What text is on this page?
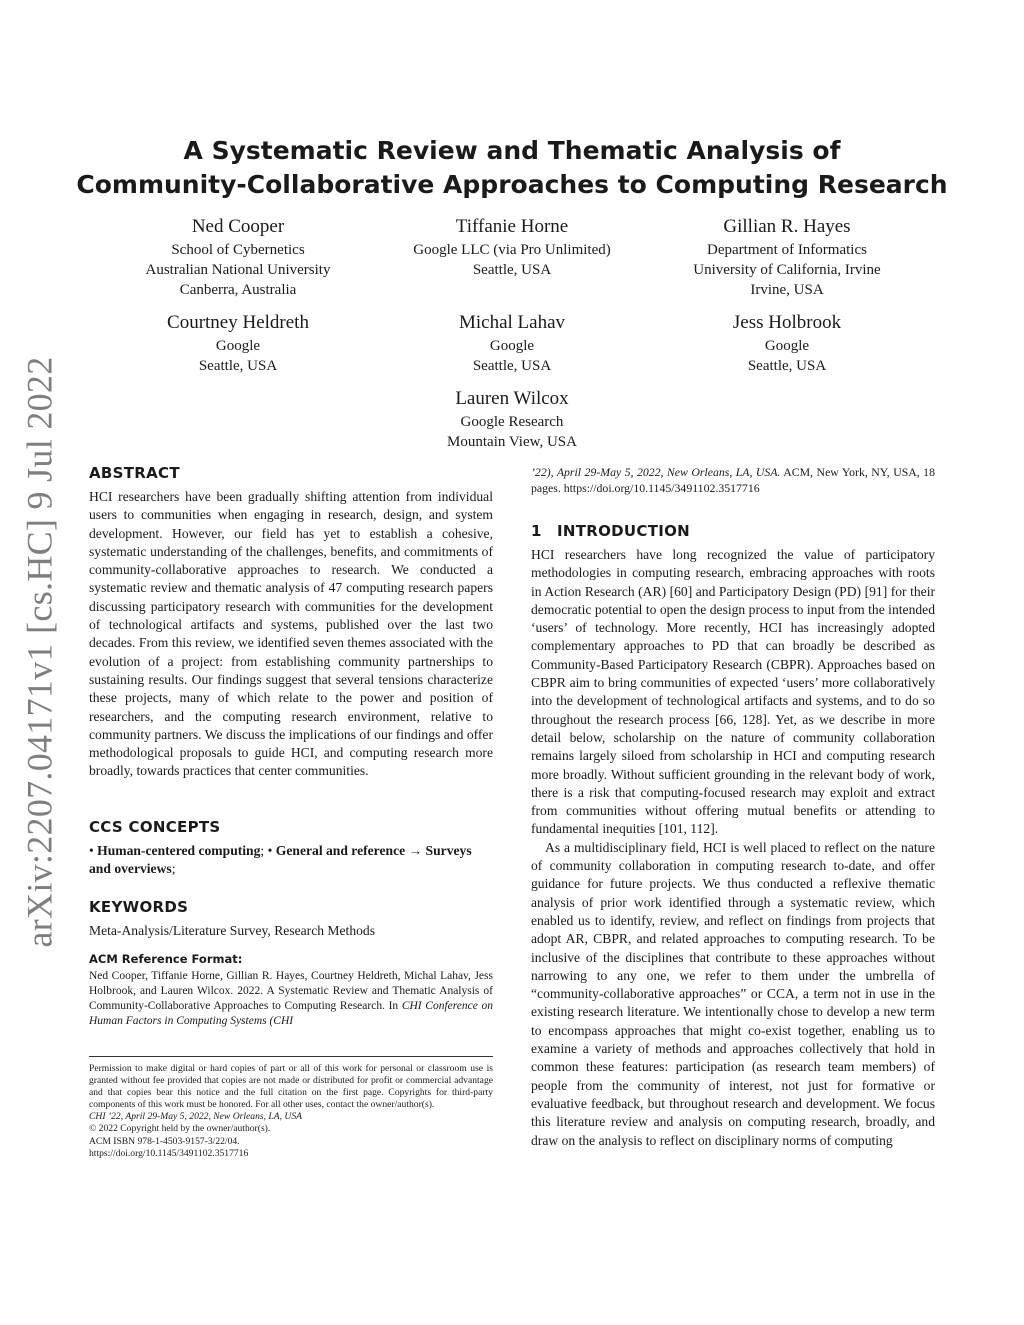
arXiv:2207.04171v1 [cs.HC] 9 Jul 2022
A Systematic Review and Thematic Analysis of
Community-Collaborative Approaches to Computing Research
Ned Cooper
School of Cybernetics
Australian National University
Canberra, Australia
Tiffanie Horne
Google LLC (via Pro Unlimited)
Seattle, USA
Gillian R. Hayes
Department of Informatics
University of California, Irvine
Irvine, USA
Courtney Heldreth
Google
Seattle, USA
Michal Lahav
Google
Seattle, USA
Jess Holbrook
Google
Seattle, USA
Lauren Wilcox
Google Research
Mountain View, USA
ABSTRACT

HCI researchers have been gradually shifting attention from individual users to communities when engaging in research, design, and system development. However, our field has yet to establish a cohesive, systematic understanding of the challenges, benefits, and commitments of community-collaborative approaches to research. We conducted a systematic review and thematic analysis of 47 computing research papers discussing participatory research with communities for the development of technological artifacts and systems, published over the last two decades. From this review, we identified seven themes associated with the evolution of a project: from establishing community partnerships to sustaining results. Our findings suggest that several tensions characterize these projects, many of which relate to the power and position of researchers, and the computing research environment, relative to community partners. We discuss the implications of our findings and offer methodological proposals to guide HCI, and computing research more broadly, towards practices that center communities.

CCS CONCEPTS

• Human-centered computing; • General and reference → Surveys and overviews;

KEYWORDS

Meta-Analysis/Literature Survey, Research Methods

ACM Reference Format:

Ned Cooper, Tiffanie Horne, Gillian R. Hayes, Courtney Heldreth, Michal Lahav, Jess Holbrook, and Lauren Wilcox. 2022. A Systematic Review and Thematic Analysis of Community-Collaborative Approaches to Computing Research. In CHI Conference on Human Factors in Computing Systems (CHI

Permission to make digital or hard copies of part or all of this work for personal or classroom use is granted without fee provided that copies are not made or distributed for profit or commercial advantage and that copies bear this notice and the full citation on the first page. Copyrights for third-party components of this work must be honored. For all other uses, contact the owner/author(s).

CHI ’22, April 29-May 5, 2022, New Orleans, LA, USA

© 2022 Copyright held by the owner/author(s).

ACM ISBN 978-1-4503-9157-3/22/04.

https://doi.org/10.1145/3491102.3517716

’22), April 29-May 5, 2022, New Orleans, LA, USA. ACM, New York, NY, USA, 18 pages. https://doi.org/10.1145/3491102.3517716

1 INTRODUCTION

HCI researchers have long recognized the value of participatory methodologies in computing research, embracing approaches with roots in Action Research (AR) [60] and Participatory Design (PD) [91] for their democratic potential to open the design process to input from the intended ‘users’ of technology. More recently, HCI has increasingly adopted complementary approaches to PD that can broadly be described as Community-Based Participatory Research (CBPR). Approaches based on CBPR aim to bring communities of expected ‘users’ more collaboratively into the development of technological artifacts and systems, and to do so throughout the research process [66, 128]. Yet, as we describe in more detail below, scholarship on the nature of community collaboration remains largely siloed from scholarship in HCI and computing research more broadly. Without sufficient grounding in the relevant body of work, there is a risk that computing-focused research may exploit and extract from communities without offering mutual benefits or attending to fundamental inequities [101, 112].

As a multidisciplinary field, HCI is well placed to reflect on the nature of community collaboration in computing research to-date, and offer guidance for future projects. We thus conducted a reflexive thematic analysis of prior work identified through a systematic review, which enabled us to identify, review, and reflect on findings from projects that adopt AR, CBPR, and related approaches to computing research. To be inclusive of the disciplines that contribute to these approaches without narrowing to any one, we refer to them under the umbrella of “community-collaborative approaches” or CCA, a term not in use in the existing research literature. We intentionally chose to develop a new term to encompass approaches that might co-exist together, enabling us to examine a variety of methods and approaches collectively that hold in common these features: participation (as research team members) of people from the community of interest, not just for formative or evaluative feedback, but throughout research and development. We focus this literature review and analysis on computing research, broadly, and draw on the analysis to reflect on disciplinary norms of computing
